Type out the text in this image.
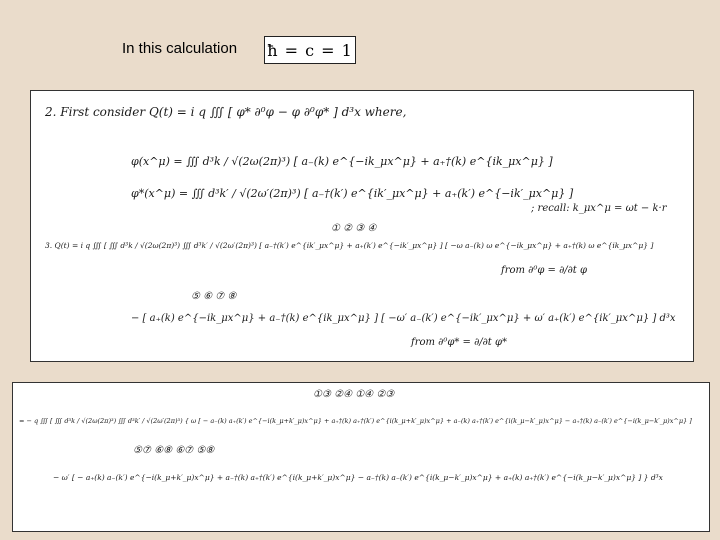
In this calculation ħ = c = 1
2. First consider Q(t) = i q ∭ [ φ* ∂⁰φ − φ ∂⁰φ* ] d³x where,
φ(x^μ) = ∭ d³k / √(2ω(2π)³) [ a₋(k) e^{−ik_μx^μ} + a₊†(k) e^{ik_μx^μ} ]
φ*(x^μ) = ∭ d³k′ / √(2ω′(2π)³) [ a₋†(k′) e^{ik′_μx^μ} + a₊(k′) e^{−ik′_μx^μ} ]
; recall: k_μx^μ = ωt − k·r
3. Q(t) = i q ∭ [ ∭ d³k / √(2ω(2π)³) ∭ d³k′ / √(2ω′(2π)³) [ a₋†(k′) e^{ik′_μx^μ} + a₊(k′) e^{−ik′_μx^μ} ] [ −ω a₋(k) ω e^{−ik_μx^μ} + a₊†(k) ω e^{ik_μx^μ} ]
① ② ③ ④
from ∂⁰φ = ∂/∂t φ
− [ a₊(k) e^{−ik_μx^μ} + a₋†(k) e^{ik_μx^μ} ] [ −ω′ a₋(k′) e^{−ik′_μx^μ} + ω′ a₊(k′) e^{ik′_μx^μ} ] d³x
⑤ ⑥ ⑦ ⑧
from ∂⁰φ* = ∂/∂t φ*
= − q ∭ [ ∭ d³k / √(2ω(2π)³) ∭ d³k′ / √(2ω′(2π)³) { ω [ − a₋(k) a₊(k′) e^{−i(k_μ+k′_μ)x^μ} + a₊†(k) a₊†(k′) e^{i(k_μ+k′_μ)x^μ} + a₋(k) a₊†(k′) e^{i(k_μ−k′_μ)x^μ} − a₊†(k) a₋(k′) e^{−i(k_μ−k′_μ)x^μ} ]
①③ ②④ ①④ ②③
− ω′ [ − a₊(k) a₋(k′) e^{−i(k_μ+k′_μ)x^μ} + a₋†(k) a₊†(k′) e^{i(k_μ+k′_μ)x^μ} − a₋†(k) a₋(k′) e^{i(k_μ−k′_μ)x^μ} + a₊(k) a₊†(k′) e^{−i(k_μ−k′_μ)x^μ} ] } d³x
⑤⑦ ⑥⑧ ⑥⑦ ⑤⑧
